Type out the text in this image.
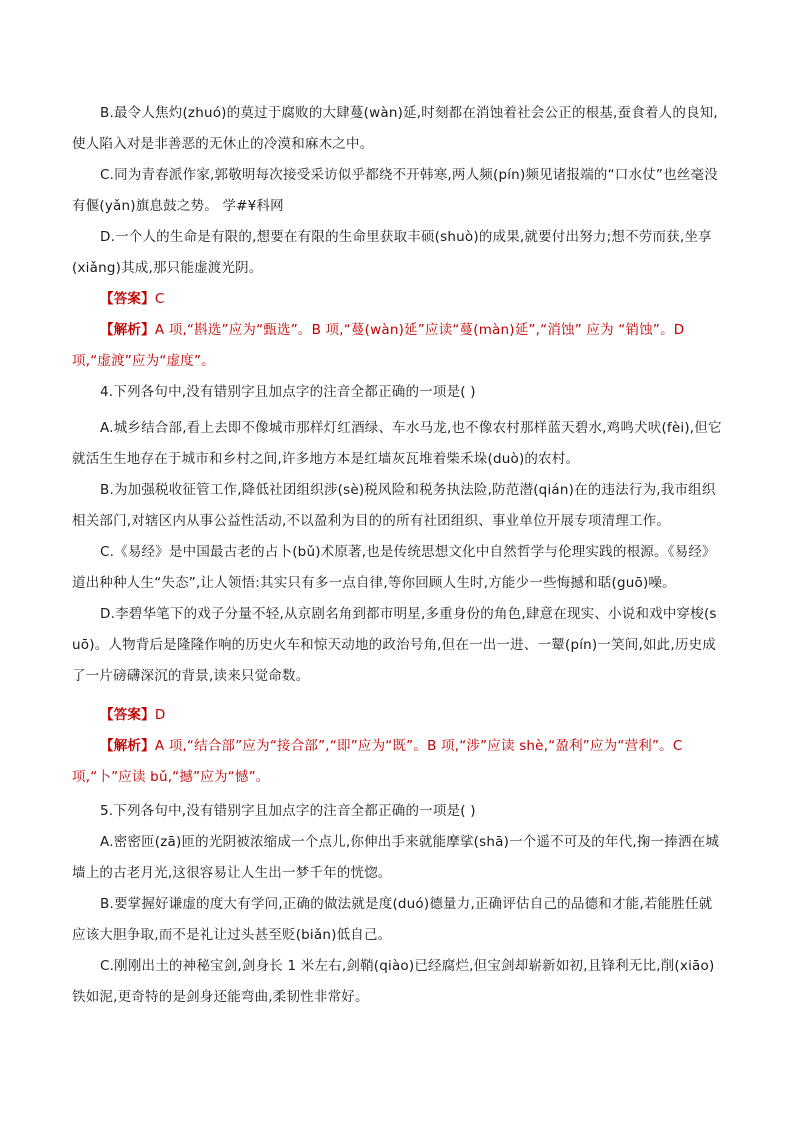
B.最令人焦灼(zhuó)的莫过于腐败的大肆蔓(wàn)延,时刻都在消蚀着社会公正的根基,蚕食着人的良知,使人陷入对是非善恶的无休止的冷漠和麻木之中。

C.同为青春派作家,郭敬明每次接受采访似乎都绕不开韩寒,两人频(pín)频见诸报端的“口水仗”也丝毫没有偃(yǎn)旗息鼓之势。 学#¥科网

D.一个人的生命是有限的,想要在有限的生命里获取丰硕(shuò)的成果,就要付出努力;想不劳而获,坐享(xiǎng)其成,那只能虚渡光阴。

【答案】C

【解析】A 项,“斟选”应为“甄选”。B 项,“蔓(wàn)延”应读“蔓(màn)延”,“消蚀” 应为 “销蚀”。D 项,“虚渡”应为“虚度”。

4.下列各句中,没有错别字且加点字的注音全都正确的一项是( )

A.城乡结合部,看上去即不像城市那样灯红酒绿、车水马龙,也不像农村那样蓝天碧水,鸡鸣犬吠(fèi),但它就活生生地存在于城市和乡村之间,许多地方本是红墙灰瓦堆着柴禾垛(duò)的农村。

B.为加强税收征管工作,降低社团组织涉(sè)税风险和税务执法险,防范潜(qián)在的违法行为,我市组织相关部门,对辖区内从事公益性活动,不以盈利为目的的所有社团组织、事业单位开展专项清理工作。

C.《易经》是中国最古老的占卜(bǔ)术原著,也是传统思想文化中自然哲学与伦理实践的根源。《易经》道出种种人生“失态”,让人领悟:其实只有多一点自律,等你回顾人生时,方能少一些悔撼和聒(guō)噪。

D.李碧华笔下的戏子分量不轻,从京剧名角到都市明星,多重身份的角色,肆意在现实、小说和戏中穿梭(suō)。人物背后是隆隆作响的历史火车和惊天动地的政治号角,但在一出一进、一颦(pín)一笑间,如此,历史成了一片磅礴深沉的背景,读来只觉命数。

【答案】D

【解析】A 项,“结合部”应为“接合部”,“即”应为“既”。B 项,“涉”应读 shè,“盈利”应为“营利”。C 项,“卜”应读 bǔ,“撼”应为“憾”。

5.下列各句中,没有错别字且加点字的注音全都正确的一项是( )

A.密密匝(zā)匝的光阴被浓缩成一个点儿,你伸出手来就能摩挲(shā)一个遥不可及的年代,掬一捧洒在城墙上的古老月光,这很容易让人生出一梦千年的恍惚。

B.要掌握好谦虚的度大有学问,正确的做法就是度(duó)德量力,正确评估自己的品德和才能,若能胜任就应该大胆争取,而不是礼让过头甚至贬(biǎn)低自己。

C.刚刚出土的神秘宝剑,剑身长 1 米左右,剑鞘(qiào)已经腐烂,但宝剑却崭新如初,且锋利无比,削(xiāo)铁如泥,更奇特的是剑身还能弯曲,柔韧性非常好。
